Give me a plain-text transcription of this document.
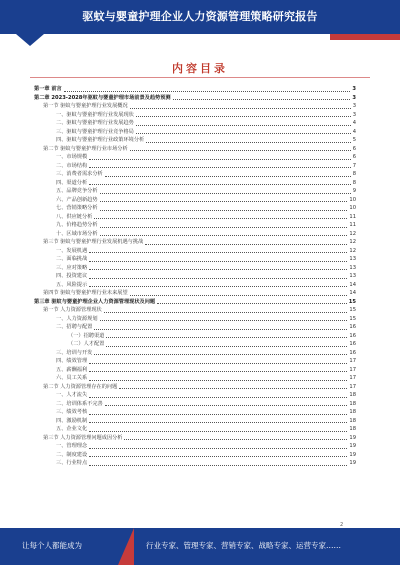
驱蚊与婴童护理企业人力资源管理策略研究报告
内容目录
第一章 前言	3
第二章 2023-2028年驱蚊与婴童护理市场前景及趋势预测	3
第一节 驱蚊与婴童护理行业发展概况	3
一、驱蚊与婴童护理行业发展现状	3
二、驱蚊与婴童护理行业发展趋势	4
三、驱蚊与婴童护理行业竞争格局	4
四、驱蚊与婴童护理行业政策环境分析	5
第二节 驱蚊与婴童护理行业市场分析	6
一、市场规模	6
二、市场结构	7
三、消费者需求分析	8
四、渠道分析	8
五、品牌竞争分析	9
六、产品创新趋势	10
七、营销策略分析	10
八、供应链分析	11
九、价格趋势分析	11
十、区域市场分析	12
第三节 驱蚊与婴童护理行业发展机遇与挑战	12
一、发展机遇	12
二、面临挑战	13
三、应对策略	13
四、投资建议	13
五、风险提示	14
第四节 驱蚊与婴童护理行业未来展望	14
第三章 驱蚊与婴童护理企业人力资源管理现状及问题	15
第一节 人力资源管理现状	15
一、人力资源规划	15
二、招聘与配置	16
（一）招聘渠道	16
（二）人才配置	16
三、培训与开发	16
四、绩效管理	17
五、薪酬福利	17
六、员工关系	17
第二节 人力资源管理存在的问题	17
一、人才流失	18
二、培训体系不完善	18
三、绩效考核	18
四、激励机制	18
五、企业文化	18
第三节 人力资源管理问题成因分析	19
一、管理理念	19
二、制度建设	19
三、行业特点	19
2
让每个人都能成为	行业专家、管理专家、营销专家、战略专家、运营专家……
